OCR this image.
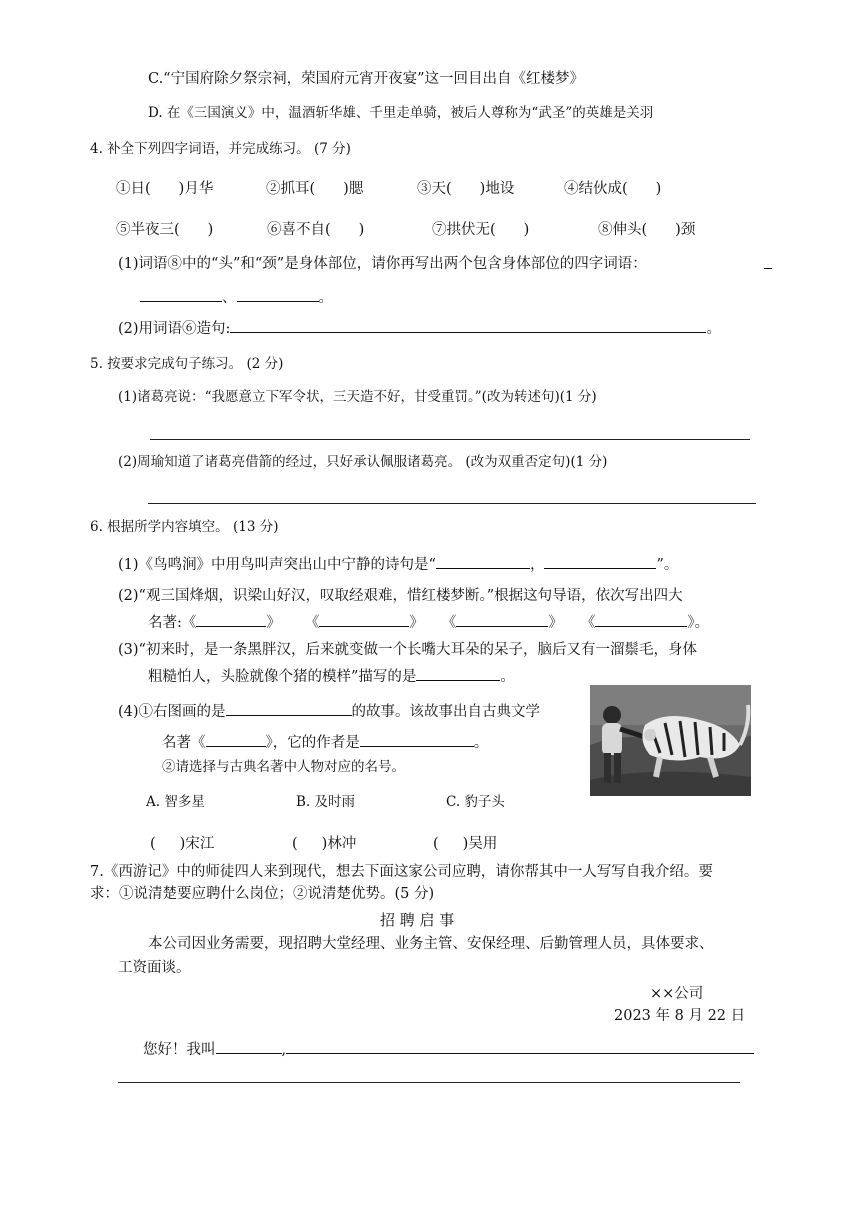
C.“宁国府除夕祭宗祠，荣国府元宵开夜宴”这一回目出自《红楼梦》
D. 在《三国演义》中，温酒斩华雄、千里走单骑，被后人尊称为“武圣”的英雄是关羽
4. 补全下列四字词语，并完成练习。 (7 分)
①日( )月华	②抓耳( )腮	③天( )地设	④结伙成( )
⑤半夜三( )	⑥喜不自( )	⑦拱伏无( )	⑧伸头( )颈
(1)词语⑧中的“头”和“颈”是身体部位，请你再写出两个包含身体部位的四字词语：
、	。
(2)用词语⑥造句:	。
5. 按要求完成句子练习。 (2 分)
(1)诸葛亮说：“我愿意立下军令状，三天造不好，甘受重罚。”(改为转述句)(1 分)
(2)周瑜知道了诸葛亮借箭的经过，只好承认佩服诸葛亮。 (改为双重否定句)(1 分)
6. 根据所学内容填空。 (13 分)
(1)《鸟鸣涧》中用鸟叫声突出山中宁静的诗句是“	，	”。
(2)“观三国烽烟，识梁山好汉，叹取经艰难，惜红楼梦断。”根据这句导语，依次写出四大
名著:《	》 《	》 《	》 《	》。
(3)“初来时，是一条黑胖汉，后来就变做一个长嘴大耳朵的呆子，脑后又有一溜鬃毛，身体
粗糙怕人，头脸就像个猪的模样”描写的是	。
(4)①右图画的是	的故事。该故事出自古典文学
名著《	》，它的作者是	。
②请选择与古典名著中人物对应的名号。
A. 智多星	B. 及时雨	C. 豹子头
( )宋江	( )林冲	( )吴用
7.《西游记》中的师徒四人来到现代，想去下面这家公司应聘，请你帮其中一人写写自我介绍。要
求：①说清楚要应聘什么岗位；②说清楚优势。(5 分)
招 聘 启 事
本公司因业务需要，现招聘大堂经理、业务主管、安保经理、后勤管理人员，具体要求、
工资面谈。
××公司
2023 年 8 月 22 日
您好！我叫	,
